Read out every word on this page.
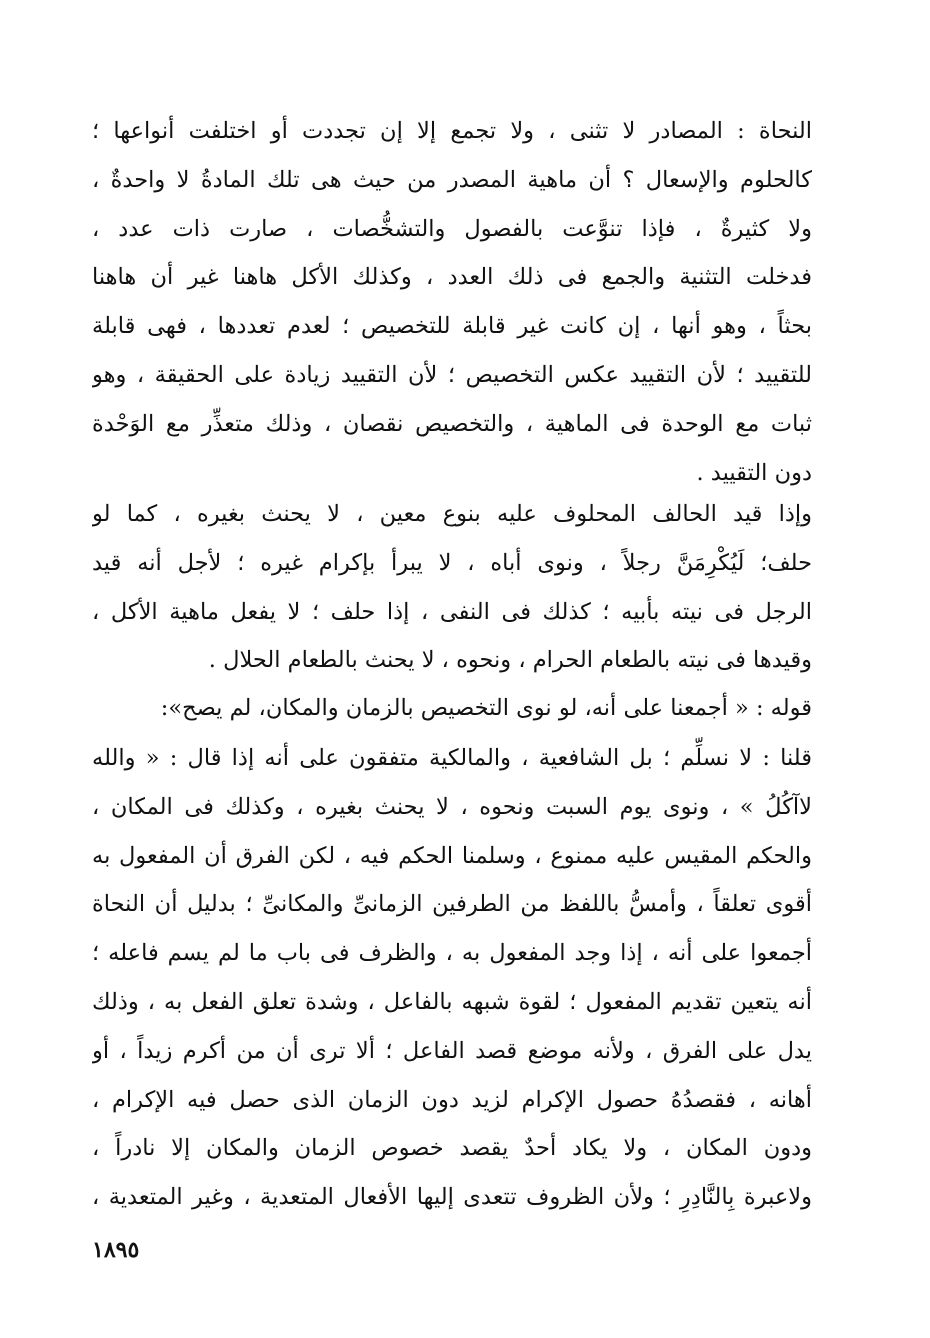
النحاة : المصادر لا تثنى ، ولا تجمع إلا إن تجددت أو اختلفت أنواعها ؛
كالحلوم والإسعال ؟ أن ماهية المصدر من حيث هى تلك المادةُ لا واحدةٌ ،
ولا كثيرةٌ ، فإذا تنوَّعت بالفصول والتشخُّصات ، صارت ذات عدد ،
فدخلت التثنية والجمع فى ذلك العدد ، وكذلك الأكل هاهنا غير أن هاهنا
بحثاً ، وهو أنها ، إن كانت غير قابلة للتخصيص ؛ لعدم تعددها ، فهى قابلة
للتقييد ؛ لأن التقييد عكس التخصيص ؛ لأن التقييد زيادة على الحقيقة ، وهو
ثبات مع الوحدة فى الماهية ، والتخصيص نقصان ، وذلك متعذِّر مع الوَحْدة
دون التقييد .
وإذا قيد الحالف المحلوف عليه بنوع معين ، لا يحنث بغيره ، كما لو
حلف؛ لَيُكْرِمَنَّ رجلاً ، ونوى أباه ، لا يبرأ بإكرام غيره ؛ لأجل أنه قيد
الرجل فى نيته بأبيه ؛ كذلك فى النفى ، إذا حلف ؛ لا يفعل ماهية الأكل ،
وقيدها فى نيته بالطعام الحرام ، ونحوه ، لا يحنث بالطعام الحلال .
قوله : « أجمعنا على أنه، لو نوى التخصيص بالزمان والمكان، لم يصح»:
قلنا : لا نسلِّم ؛ بل الشافعية ، والمالكية متفقون على أنه إذا قال : « والله
لاآكُلُ » ، ونوى يوم السبت ونحوه ، لا يحنث بغيره ، وكذلك فى المكان ،
والحكم المقيس عليه ممنوع ، وسلمنا الحكم فيه ، لكن الفرق أن المفعول به
أقوى تعلقاً ، وأمسُّ باللفظ من الطرفين الزمانىِّ والمكانىِّ ؛ بدليل أن النحاة
أجمعوا على أنه ، إذا وجد المفعول به ، والظرف فى باب ما لم يسم فاعله ؛
أنه يتعين تقديم المفعول ؛ لقوة شبهه بالفاعل ، وشدة تعلق الفعل به ، وذلك
يدل على الفرق ، ولأنه موضع قصد الفاعل ؛ ألا ترى أن من أكرم زيداً ، أو
أهانه ، فقصدُهُ حصول الإكرام لزيد دون الزمان الذى حصل فيه الإكرام ،
ودون المكان ، ولا يكاد أحدٌ يقصد خصوص الزمان والمكان إلا نادراً ،
ولاعبرة بِالنَّادِرِ ؛ ولأن الظروف تتعدى إليها الأفعال المتعدية ، وغير المتعدية ،
١٨٩٥
